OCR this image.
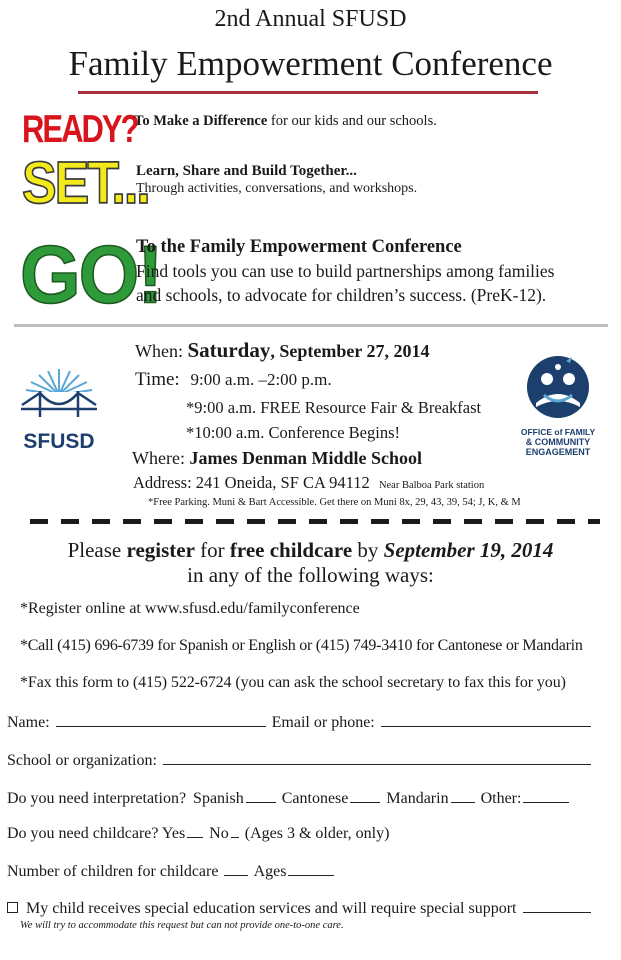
2nd Annual SFUSD
Family Empowerment Conference
READY?
To Make a Difference for our kids and our schools.
SET...
Learn, Share and Build Together...
Through activities, conversations, and workshops.
GO!
To the Family Empowerment Conference
Find tools you can use to build partnerships among families
and schools, to advocate for children’s success. (PreK-12).
SFUSD	OFFICE of FAMILY
& COMMUNITY
ENGAGEMENT
When: Saturday, September 27, 2014
Time: 9:00 a.m. –2:00 p.m.
*9:00 a.m. FREE Resource Fair & Breakfast
*10:00 a.m. Conference Begins!
Where: James Denman Middle School
Address: 241 Oneida, SF CA 94112 Near Balboa Park station
*Free Parking. Muni & Bart Accessible. Get there on Muni 8x, 29, 43, 39, 54; J, K, & M
Please register for free childcare by September 19, 2014
in any of the following ways:
*Register online at www.sfusd.edu/familyconference
*Call (415) 696-6739 for Spanish or English or (415) 749-3410 for Cantonese or Mandarin
*Fax this form to (415) 522-6724 (you can ask the school secretary to fax this for you)
Name:	Email or phone:
School or organization:
Do you need interpretation? Spanish Cantonese Mandarin Other:
Do you need childcare? Yes No (Ages 3 & older, only)
Number of children for childcare Ages
My child receives special education services and will require special support
We will try to accommodate this request but can not provide one-to-one care.
